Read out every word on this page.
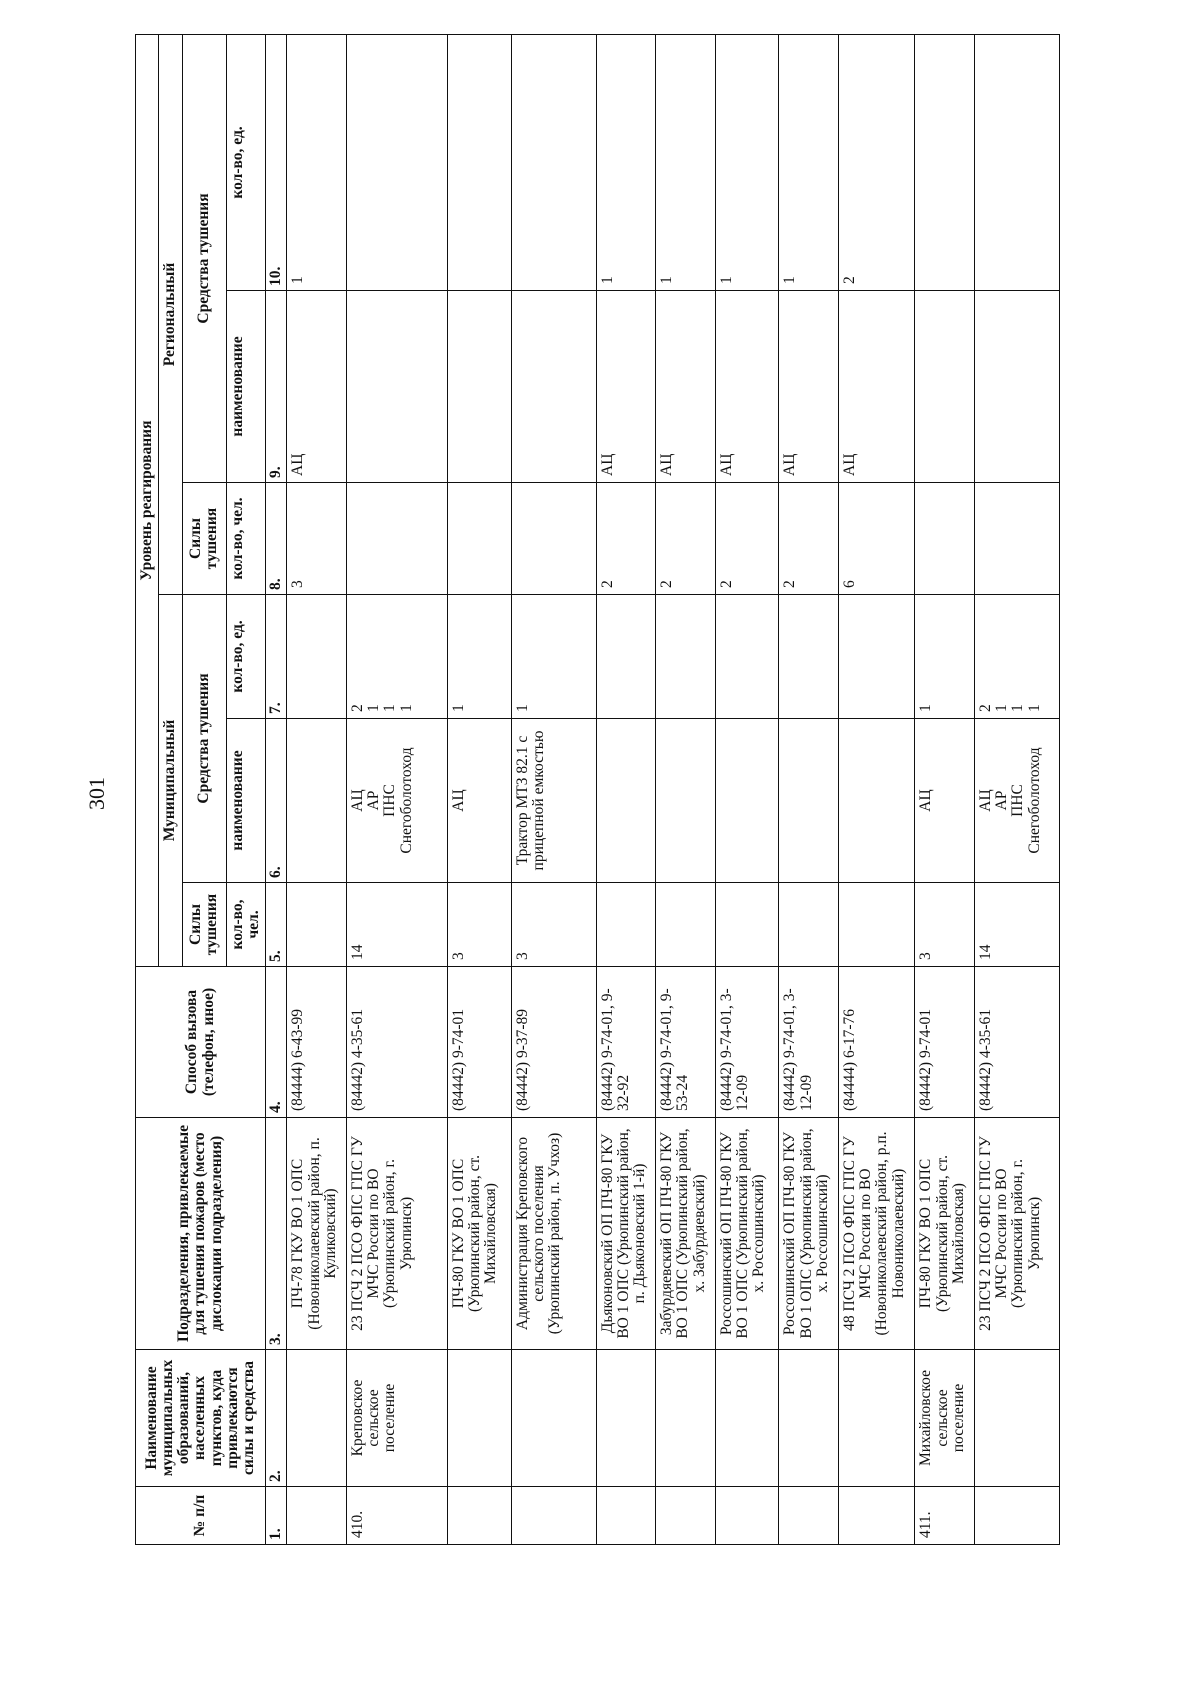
301
№ п/п	Наименование муниципальных образований, населенных пунктов, куда привлекаются силы и средства	Подразделения, привлекаемые для тушения пожаров (место дислокации подразделения)	Способ вызова (телефон, иное)	Уровень реагирования					
				Муниципальный			Региональный		
				Силы тушения	Средства тушения		Силы тушения	Средства тушения	
				кол-во, чел.	наименование	кол-во, ед.	кол-во, чел.	наименование	кол-во, ед.
1.	2.	3.	4.	5.	6.	7.	8.	9.	10.
		ПЧ-78 ГКУ ВО 1 ОПС (Новониколаевский район, п. Куликовский)	(84444) 6-43-99				3	АЦ	1
410.	Креповское сельское поселение	23 ПСЧ 2 ПСО ФПС ГПС ГУ МЧС России по ВО (Урюпинский район, г. Урюпинск)	(84442) 4-35-61	14	АЦ АР ПНС Снегоболотоход	2 1 1 1			

		ПЧ-80 ГКУ ВО 1 ОПС (Урюпинский район, ст. Михайловская)	(84442) 9-74-01	3	АЦ	1			

		Администрация Креповского сельского поселения (Урюпинский район, п. Учхоз)	(84442) 9-37-89	3	Трактор МТЗ 82.1 с прицепной емкостью	1			

		Дьяконовский ОП ПЧ-80 ГКУ ВО 1 ОПС (Урюпинский район, п. Дьяконовский 1-й)	(84442) 9-74-01, 9-32-92				2	АЦ	1
		Забурдяевский ОП ПЧ-80 ГКУ ВО 1 ОПС (Урюпинский район, х. Забурдяевский)	(84442) 9-74-01, 9-53-24				2	АЦ	1
		Россошинский ОП ПЧ-80 ГКУ ВО 1 ОПС (Урюпинский район, х. Россошинский)	(84442) 9-74-01, 3-12-09				2	АЦ	1
		Россошинский ОП ПЧ-80 ГКУ ВО 1 ОПС (Урюпинский район, х. Россошинский)	(84442) 9-74-01, 3-12-09				2	АЦ	1
		48 ПСЧ 2 ПСО ФПС ГПС ГУ МЧС России по ВО (Новониколаевский район, р.п. Новониколаевский)	(84444) 6-17-76				6	АЦ	2
411.	Михайловское сельское поселение	ПЧ-80 ГКУ ВО 1 ОПС (Урюпинский район, ст. Михайловская)	(84442) 9-74-01	3	АЦ	1			

		23 ПСЧ 2 ПСО ФПС ГПС ГУ МЧС России по ВО (Урюпинский район, г. Урюпинск)	(84442) 4-35-61	14	АЦ АР ПНС Снегоболотоход	2 1 1 1			
